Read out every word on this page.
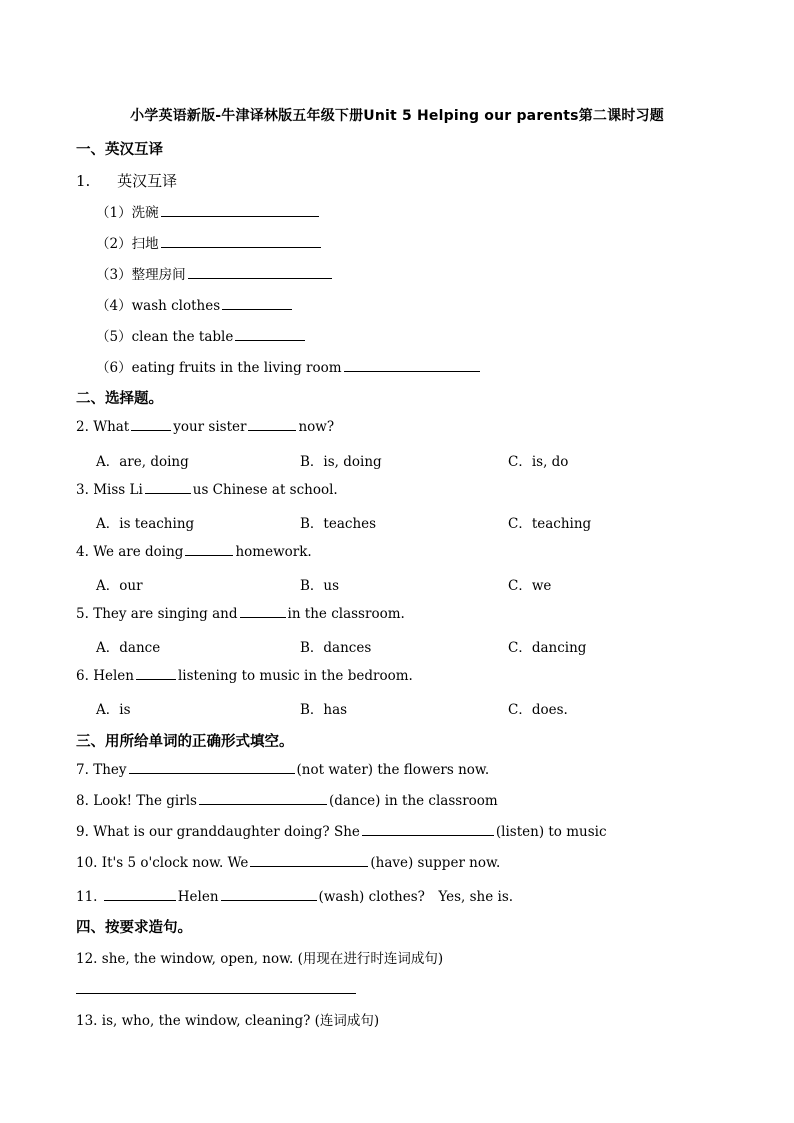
小学英语新版-牛津译林版五年级下册Unit 5 Helping our parents第二课时习题
一、英汉互译
1. 英汉互译
（1）洗碗
（2）扫地
（3）整理房间
（4）wash clothes
（5）clean the table
（6）eating fruits in the living room
二、选择题。
2. What	your sister	now?
A．are, doing	B．is, doing	C．is, do
3. Miss Li	us Chinese at school.
A．is teaching	B．teaches	C．teaching
4. We are doing	homework.
A．our	B．us	C．we
5. They are singing and	in the classroom.
A．dance	B．dances	C．dancing
6. Helen	listening to music in the bedroom.
A．is	B．has	C．does.
三、用所给单词的正确形式填空。
7. They	(not water) the flowers now.
8. Look! The girls	(dance) in the classroom
9. What is our granddaughter doing? She	(listen) to music
10. It's 5 o'clock now. We	(have) supper now.
11.	Helen	(wash) clothes?　Yes, she is.
四、按要求造句。
12. she, the window, open, now. (用现在进行时连词成句)
13. is, who, the window, cleaning? (连词成句)
